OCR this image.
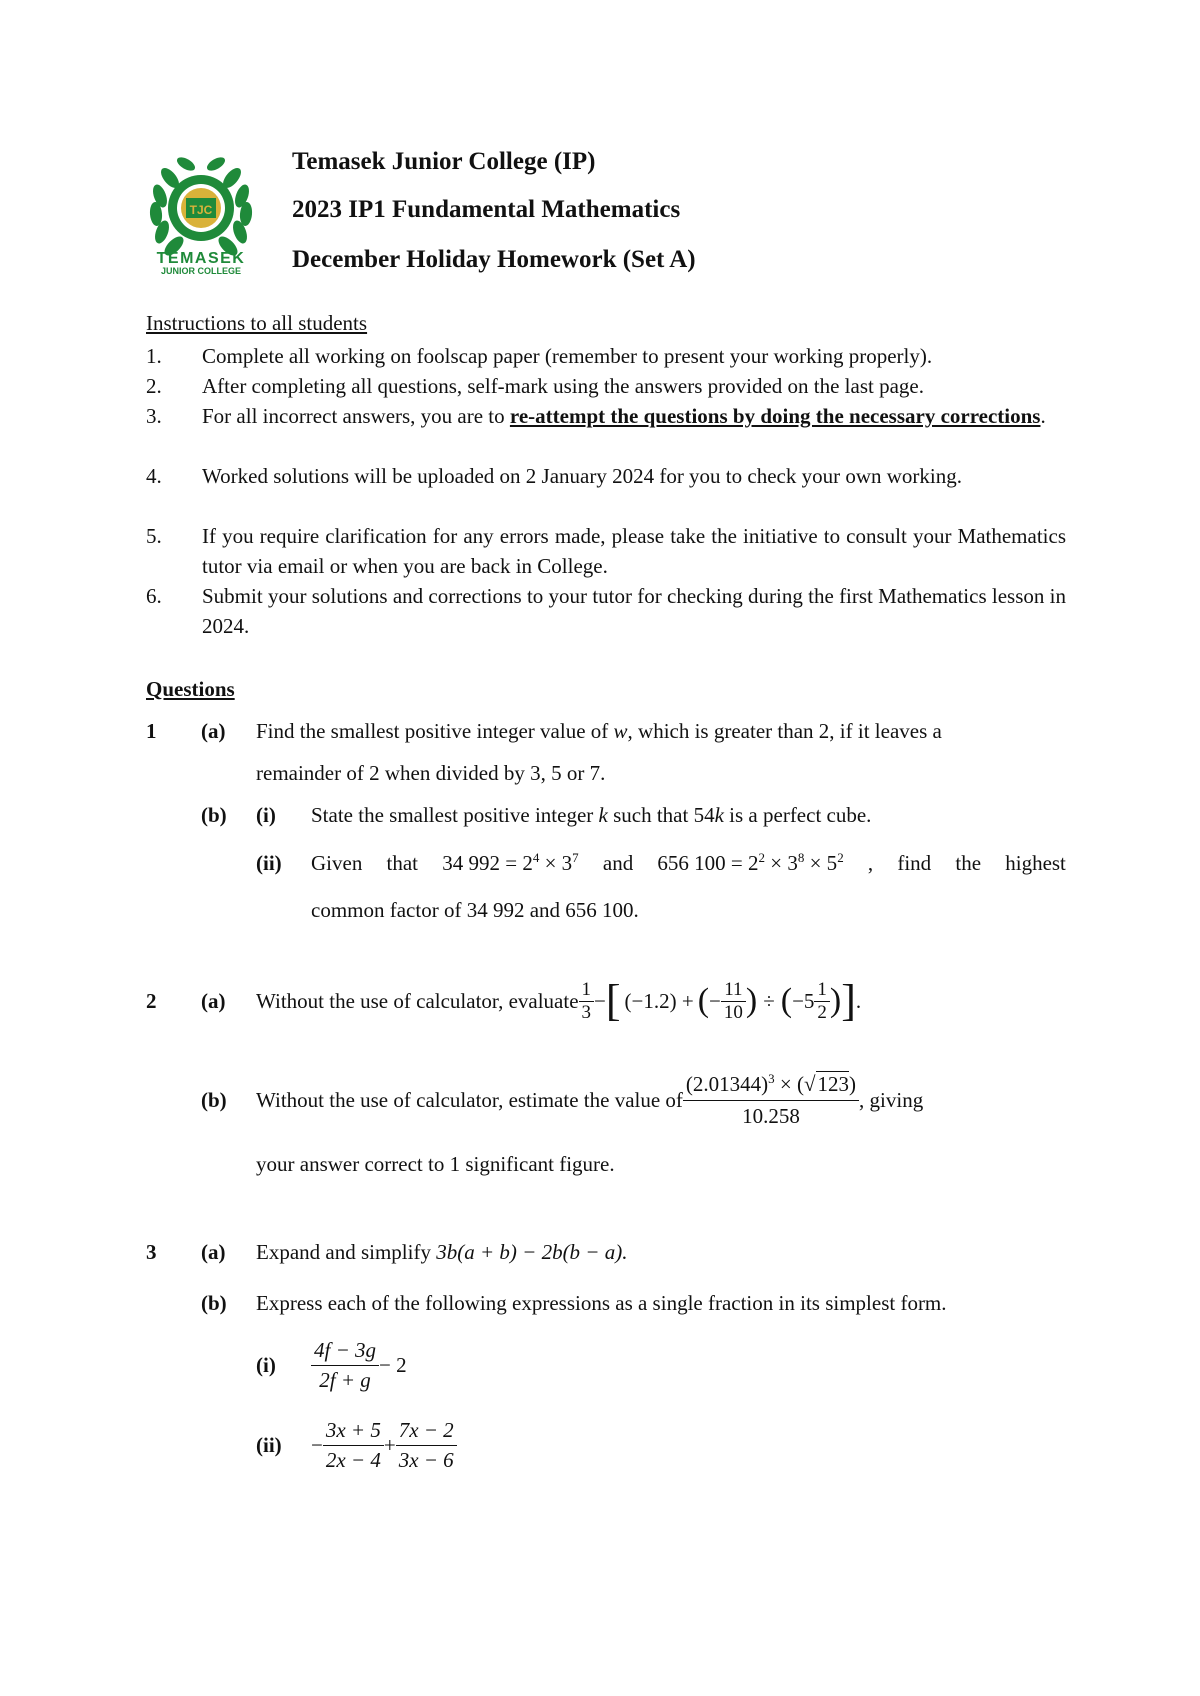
TJC
TEMASEK
JUNIOR COLLEGE
Temasek Junior College (IP)
2023 IP1 Fundamental Mathematics
December Holiday Homework (Set A)
Instructions to all students
1. Complete all working on foolscap paper (remember to present your working properly).
2. After completing all questions, self-mark using the answers provided on the last page.
3. For all incorrect answers, you are to re-attempt the questions by doing the necessary corrections.
4. Worked solutions will be uploaded on 2 January 2024 for you to check your own working.
5. If you require clarification for any errors made, please take the initiative to consult your Mathematics tutor via email or when you are back in College.
6. Submit your solutions and corrections to your tutor for checking during the first Mathematics lesson in 2024.
Questions
1 (a) Find the smallest positive integer value of w, which is greater than 2, if it leaves a
remainder of 2 when divided by 3, 5 or 7.
(b) (i) State the smallest positive integer k such that 54k is a perfect cube.
(ii) Given that 34 $992 = 2^4 \times 3^7$ and 656 $100 = 2^2 \times 3^8 \times 5^2$ , find the highest
common factor of 34 992 and 656 100.
2 (a) Without the use of calculator, evaluate $\frac{1}{3}$ − [ (−1.2) + ( − $\frac{11}{10}$ ) ÷ ( $-5 \frac{1}{2}$ ) ] .
(b) Without the use of calculator, estimate the value of $\frac{(2.01344)^3 \times (√123)}{10.258}$ , giving
your answer correct to 1 significant figure.
3 (a) Expand and simplify 3b(a + b) − 2b(b − a).
(b) Express each of the following expressions as a single fraction in its simplest form.
$(i) \frac{4f - 3g}{2f + g} - 2$
$(ii) - \frac{3x + 5}{2x - 4} + \frac{7x - 2}{3x - 6}$
